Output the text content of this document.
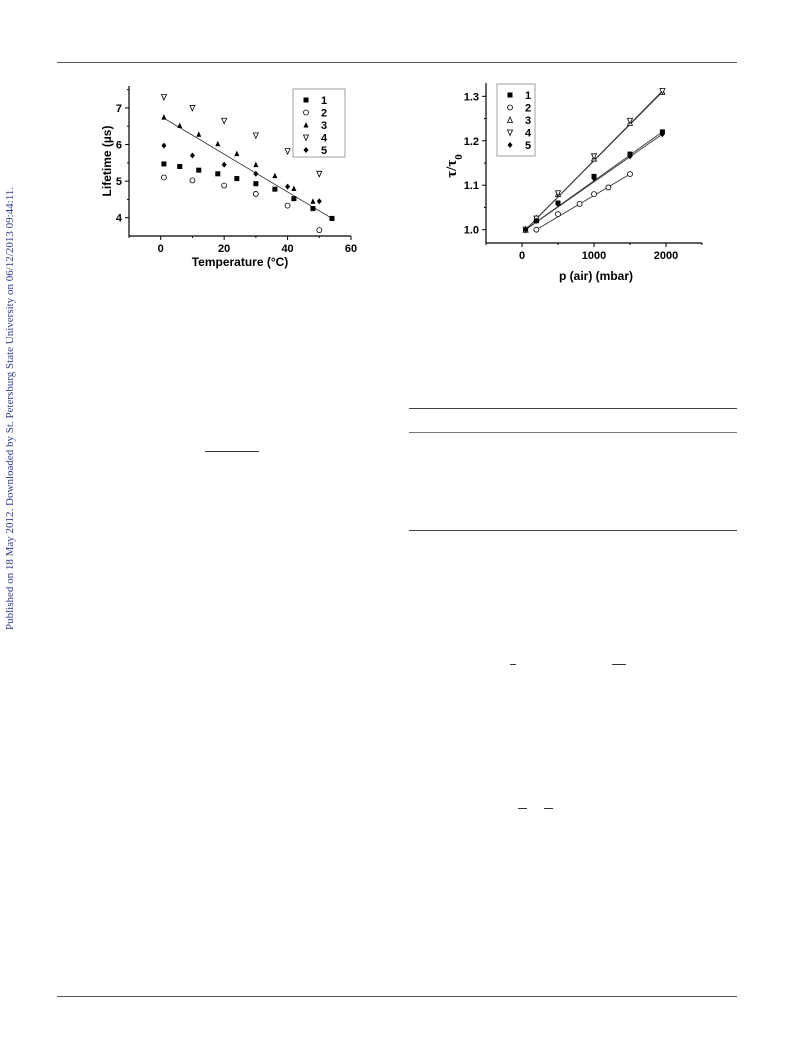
Published on 18 May 2012. Downloaded by St. Petersburg State University on 06/12/2013 09:44:11.
Lifetime (µs)
Temperature (°C)
0	20	40	60
4
5
6
7
1
2
3
4
5
$\tau/\tau_0$
p (air) (mbar)
0	1000	2000
1.0
1.1
1.2
1.3	1
2
3
4
5
